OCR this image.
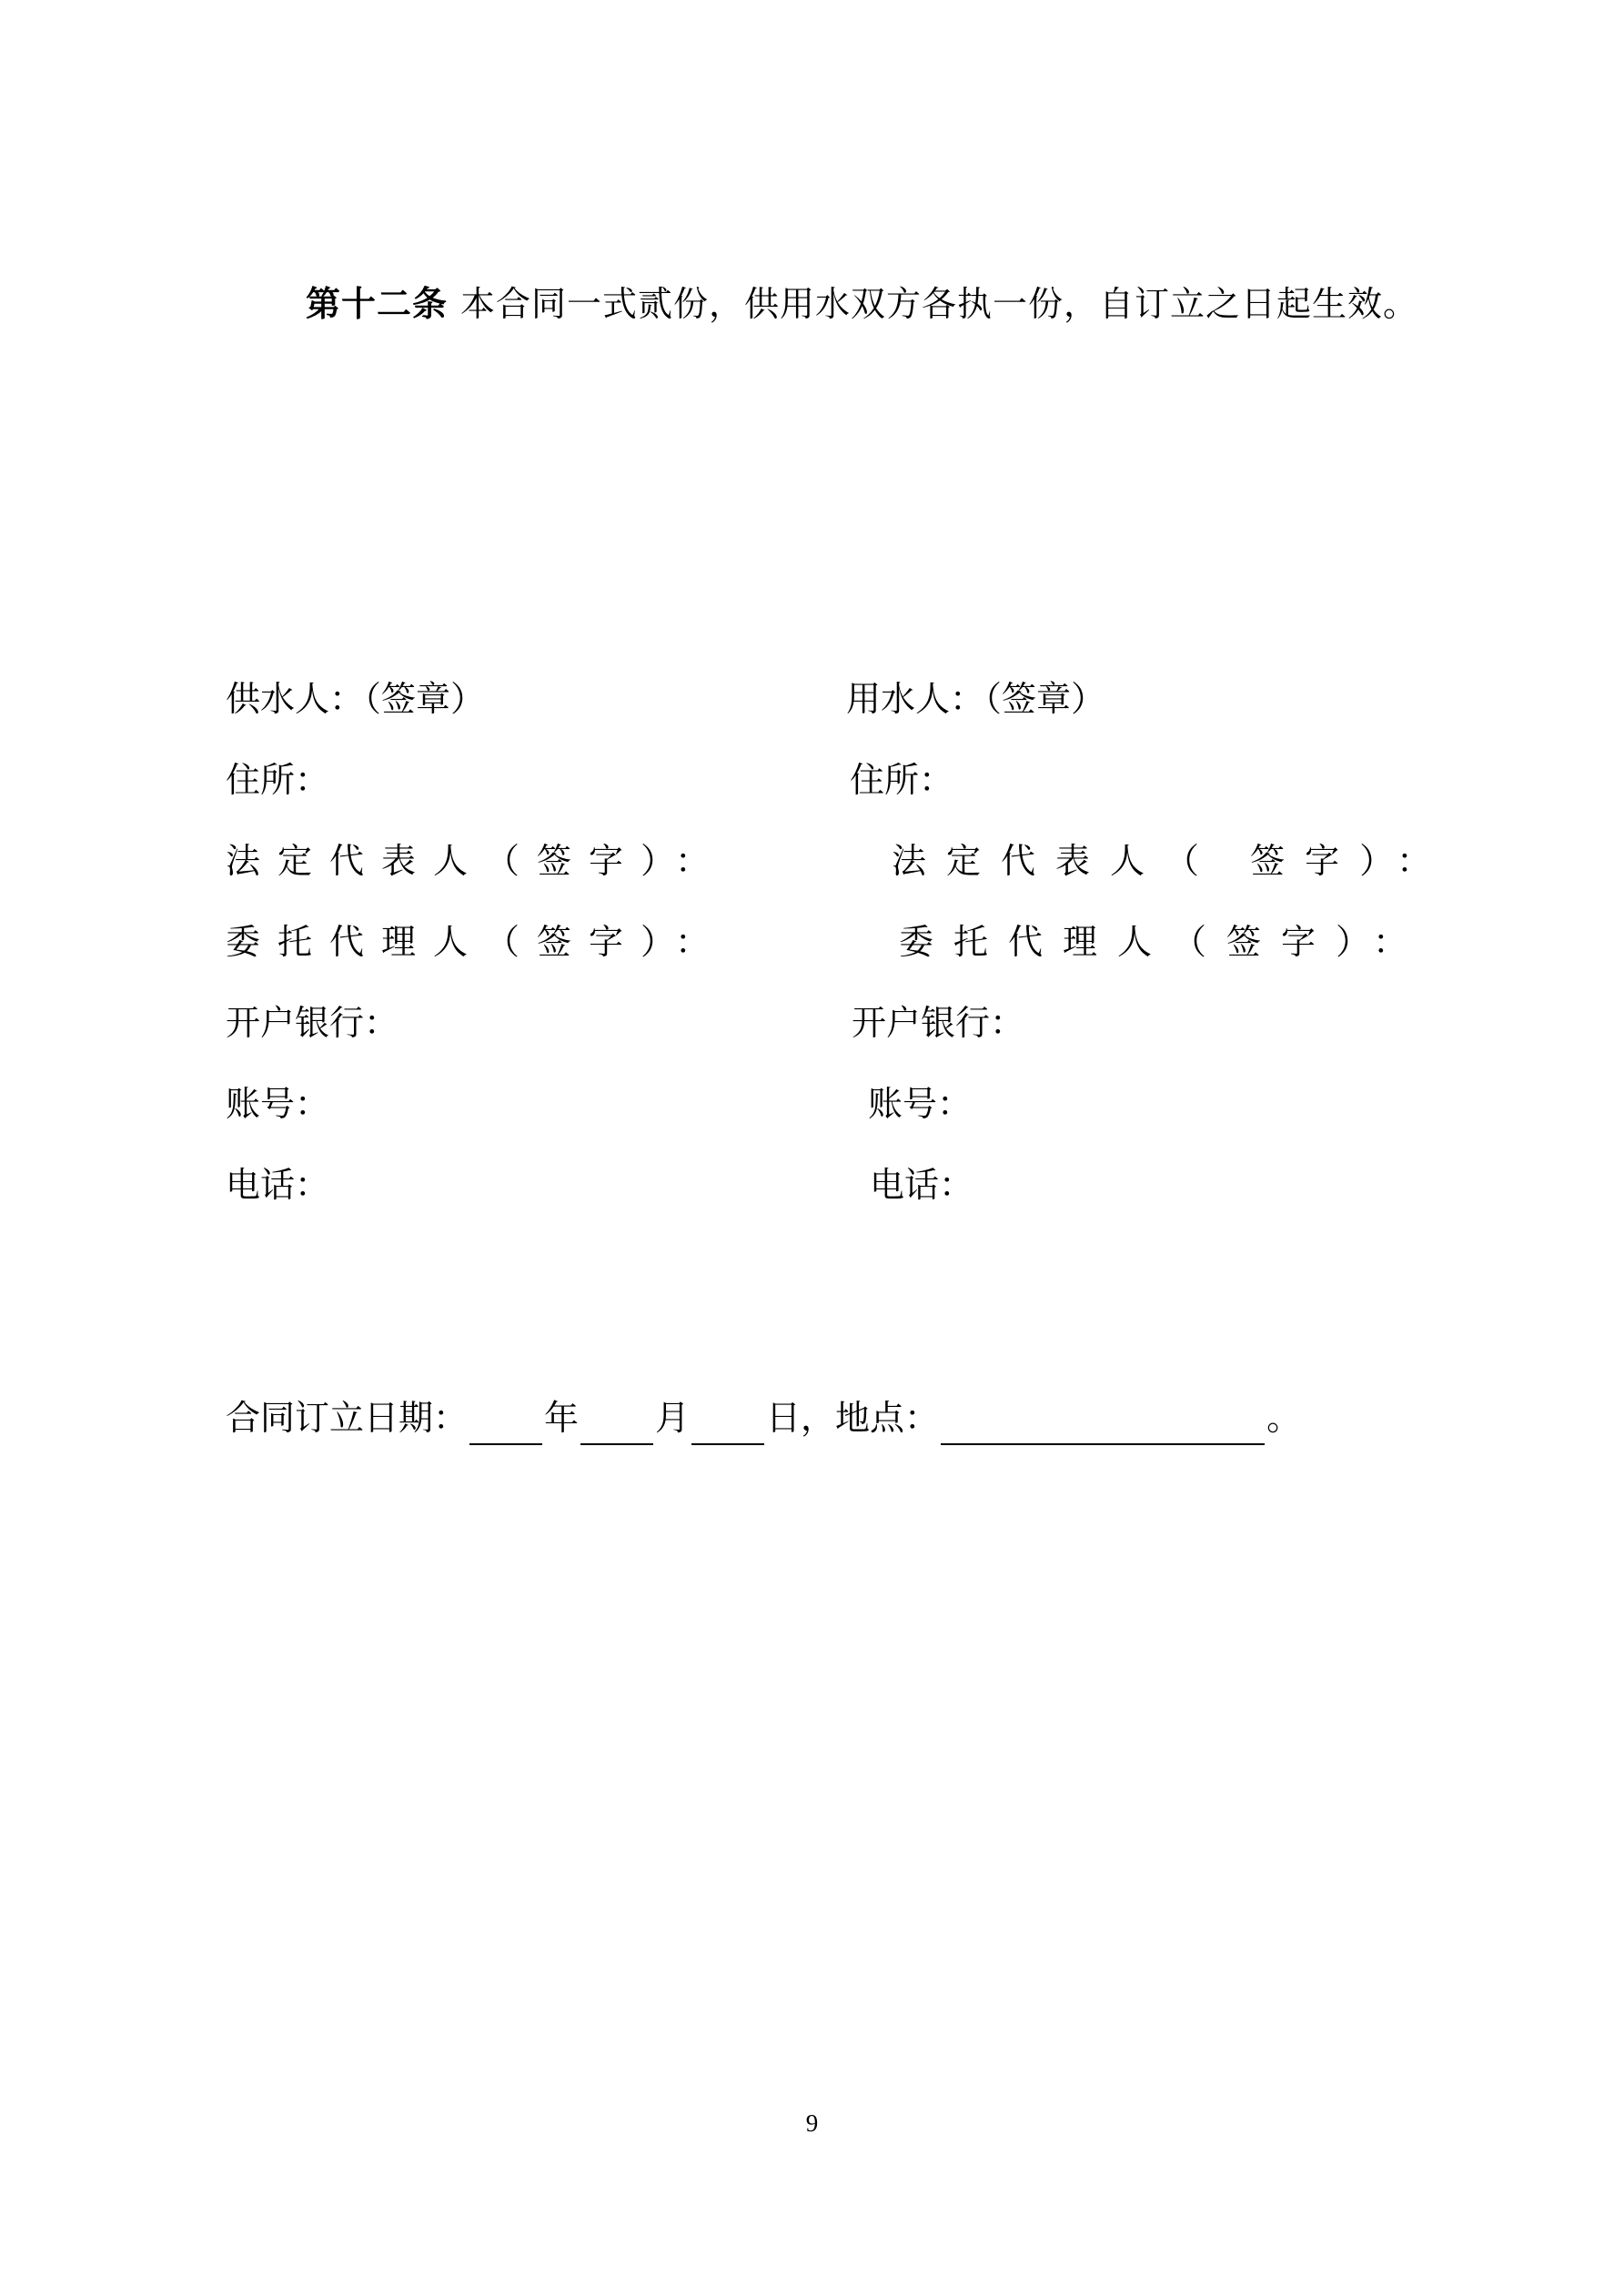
第十二条 本合同一式贰份，供用水双方各执一份，自订立之日起生效。

供水人：（签章）
住所：
法定代表人（签字）：
委托代理人（签字）：
开户银行：
账号：
电话：
用水人：（签章）
住所：
法定代表人（ 签字）：
委托代理人（签字）：
开户银行：
账号：
电话：
合同订立日期： 年 月 日，地点：	。
9
